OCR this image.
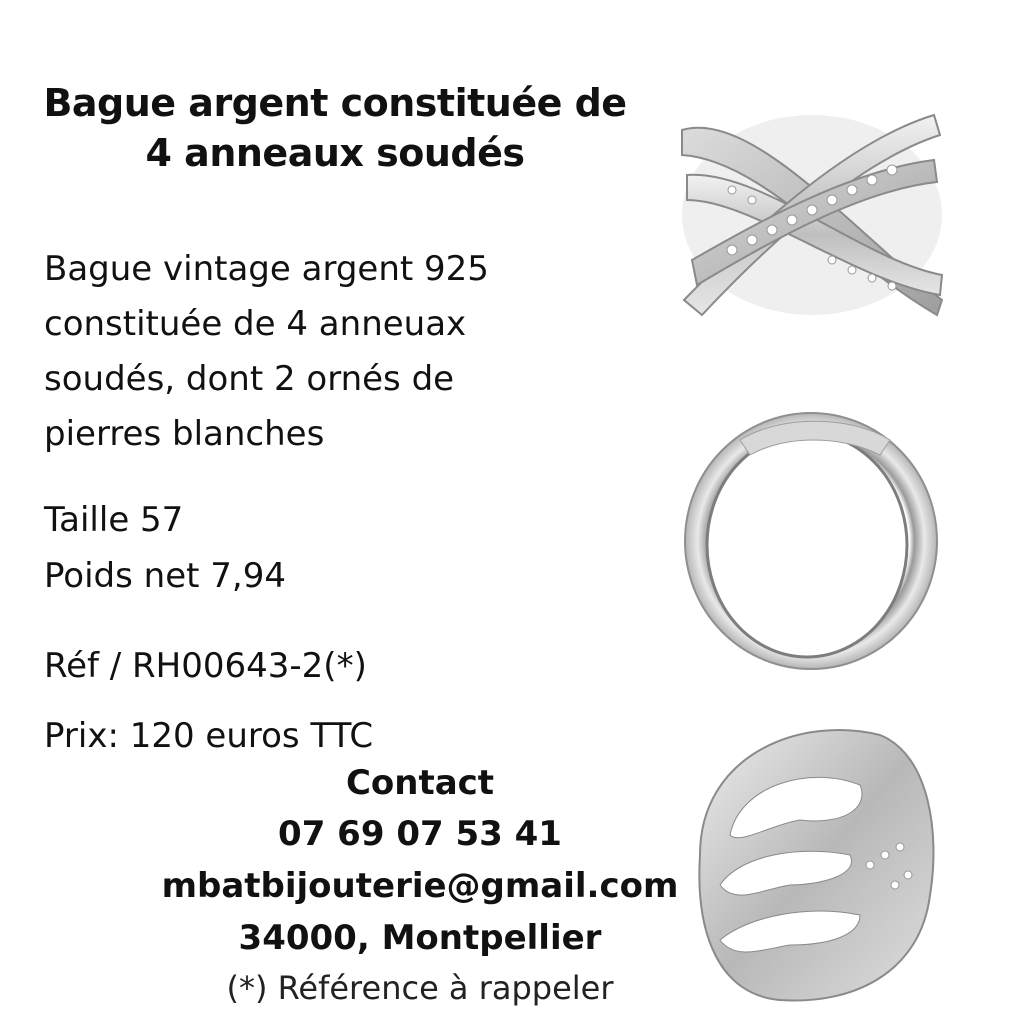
Bague argent constituée de
4 anneaux soudés
Bague vintage argent 925
constituée de 4 anneuax
soudés, dont 2 ornés de
pierres blanches
Taille 57
Poids net 7,94
Réf / RH00643-2(*)
Prix: 120 euros TTC
Contact
07 69 07 53 41
mbatbijouterie@gmail.com
34000, Montpellier
(*) Référence à rappeler
